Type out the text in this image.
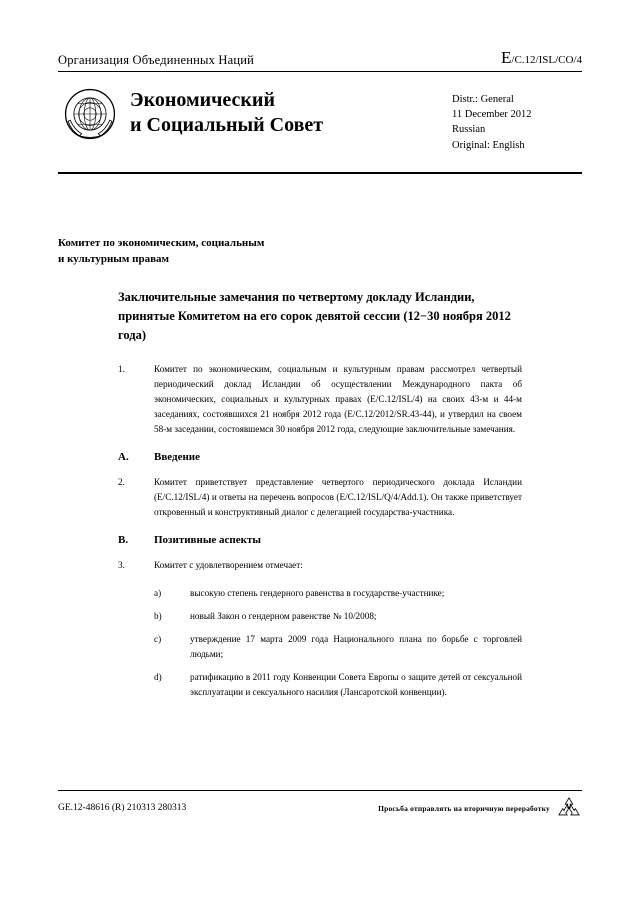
Организация Объединенных Наций	E/C.12/ISL/CO/4
Экономический
и Социальный Совет
Distr.: General
11 December 2012
Russian
Original: English
Комитет по экономическим, социальным
и культурным правам
Заключительные замечания по четвертому докладу Исландии, принятые Комитетом на его сорок девятой сессии (12−30 ноября 2012 года)

1.	Комитет по экономическим, социальным и культурным правам рассмотрел четвертый периодический доклад Исландии об осуществлении Международного пакта об экономических, социальных и культурных правах (E/C.12/ISL/4) на своих 43-м и 44-м заседаниях, состоявшихся 21 ноября 2012 года (E/C.12/2012/SR.43-44), и утвердил на своем 58-м заседании, состоявшемся 30 ноября 2012 года, следующие заключительные замечания.

A. Введение

2.	Комитет приветствует представление четвертого периодического доклада Исландии (E/C.12/ISL/4) и ответы на перечень вопросов (E/C.12/ISL/Q/4/Add.1). Он также приветствует откровенный и конструктивный диалог с делегацией государства-участника.

B. Позитивные аспекты

3.	Комитет с удовлетворением отмечает:

a)	высокую степень гендерного равенства в государстве-участнике;

b)	новый Закон о гендерном равенстве № 10/2008;

c)	утверждение 17 марта 2009 года Национального плана по борьбе с торговлей людьми;

d)	ратификацию в 2011 году Конвенции Совета Европы о защите детей от сексуальной эксплуатации и сексуального насилия (Лансаротской конвенции).

GE.12-48616 (R) 210313 280313	Просьба отправлять на вторичную переработку
